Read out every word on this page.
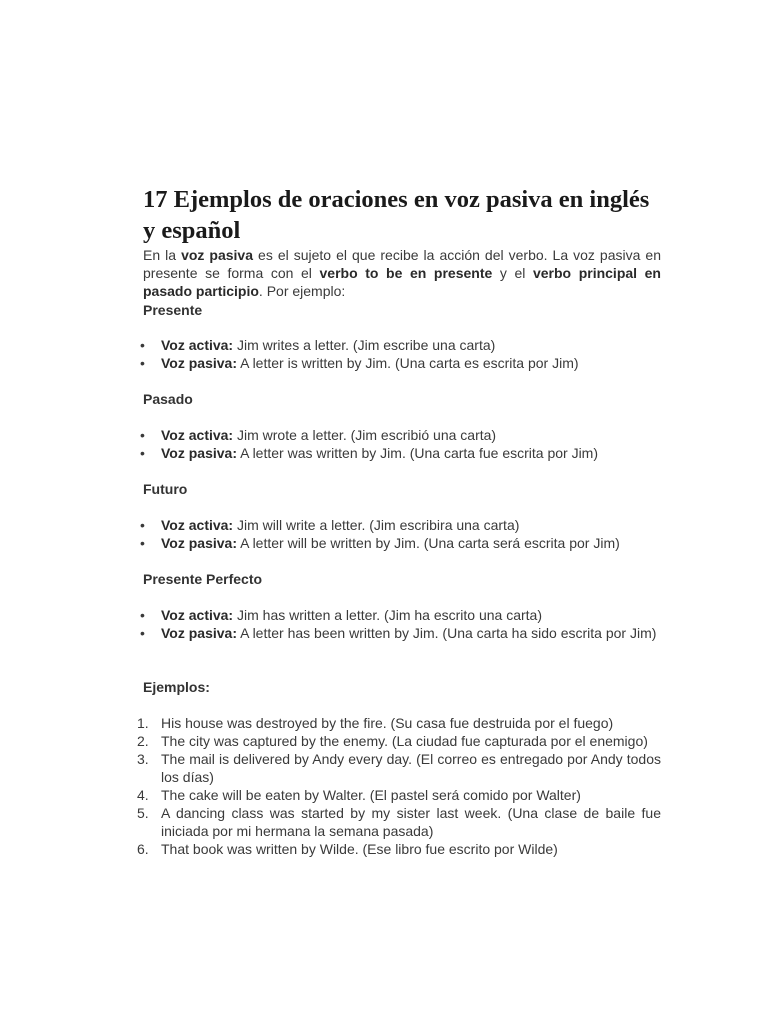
17 Ejemplos de oraciones en voz pasiva en inglés y español

En la voz pasiva es el sujeto el que recibe la acción del verbo. La voz pasiva en presente se forma con el verbo to be en presente y el verbo principal en pasado participio. Por ejemplo:

Presente

• Voz activa: Jim writes a letter. (Jim escribe una carta)
• Voz pasiva: A letter is written by Jim. (Una carta es escrita por Jim)

Pasado

• Voz activa: Jim wrote a letter. (Jim escribió una carta)
• Voz pasiva: A letter was written by Jim. (Una carta fue escrita por Jim)

Futuro

• Voz activa: Jim will write a letter. (Jim escribira una carta)
• Voz pasiva: A letter will be written by Jim. (Una carta será escrita por Jim)

Presente Perfecto

• Voz activa: Jim has written a letter. (Jim ha escrito una carta)
• Voz pasiva: A letter has been written by Jim. (Una carta ha sido escrita por Jim)

Ejemplos:

1. His house was destroyed by the fire. (Su casa fue destruida por el fuego)
2. The city was captured by the enemy. (La ciudad fue capturada por el enemigo)
3. The mail is delivered by Andy every day. (El correo es entregado por Andy todos los días)
4. The cake will be eaten by Walter. (El pastel será comido por Walter)
5. A dancing class was started by my sister last week. (Una clase de baile fue iniciada por mi hermana la semana pasada)
6. That book was written by Wilde. (Ese libro fue escrito por Wilde)
